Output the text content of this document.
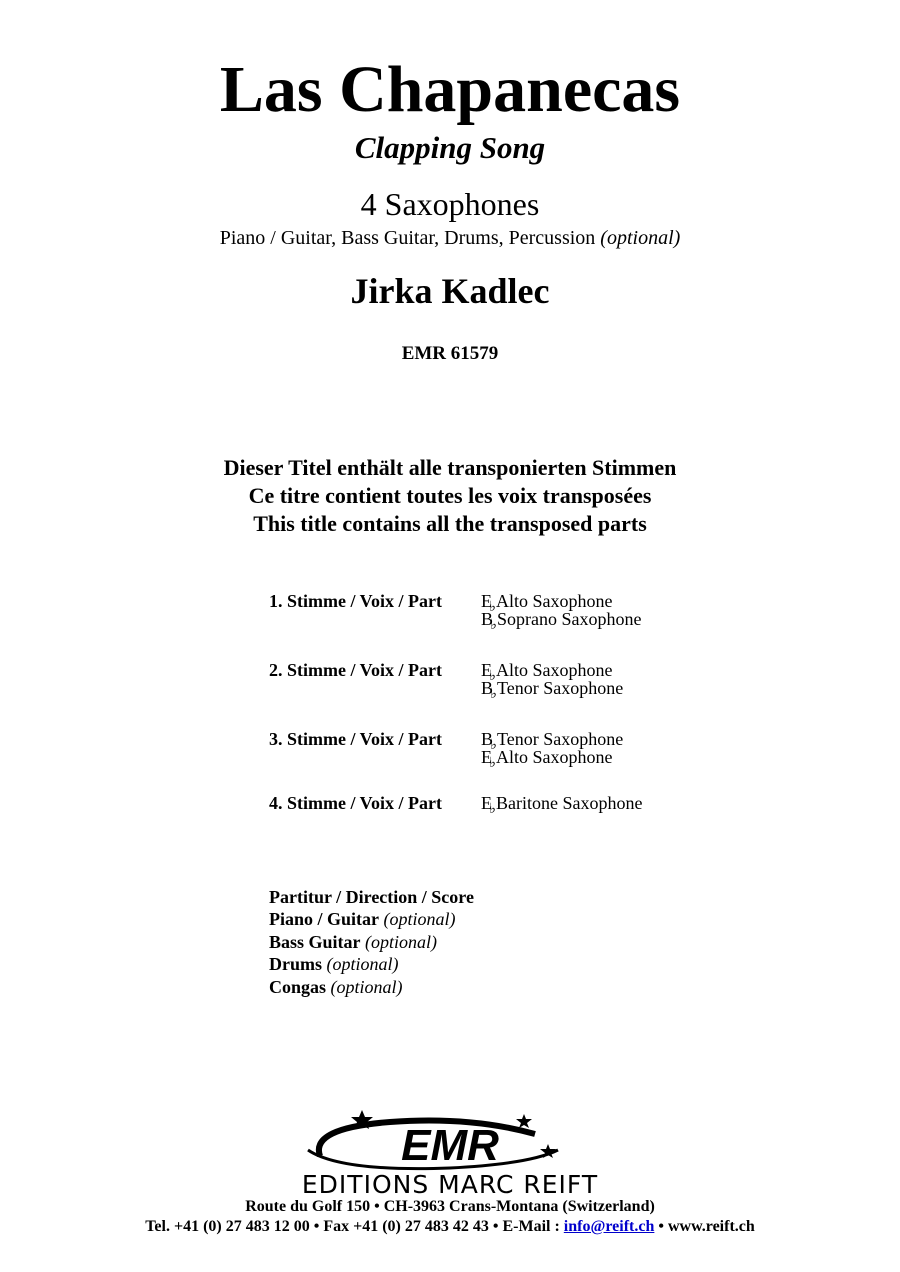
Las Chapanecas
Clapping Song
4 Saxophones
Piano / Guitar, Bass Guitar, Drums, Percussion (optional)
Jirka Kadlec
EMR 61579
Dieser Titel enthält alle transponierten Stimmen
Ce titre contient toutes les voix transposées
This title contains all the transposed parts
1. Stimme / Voix / Part E
♭ Alto Saxophone
B
♭ Soprano Saxophone
2. Stimme / Voix / Part E
♭ Alto Saxophone
B
♭ Tenor Saxophone
3. Stimme / Voix / Part B
♭ Tenor Saxophone
E
♭ Alto Saxophone
4. Stimme / Voix / Part E
♭ Baritone Saxophone
Partitur / Direction / Score
Piano / Guitar (optional)
Bass Guitar (optional)
Drums (optional)
Congas (optional)
EMR
EDITIONS MARC REIFT
Route du Golf 150 • CH-3963 Crans-Montana (Switzerland)
Tel. +41 (0) 27 483 12 00 • Fax +41 (0) 27 483 42 43 • E-Mail : info@reift.ch • www.reift.ch
